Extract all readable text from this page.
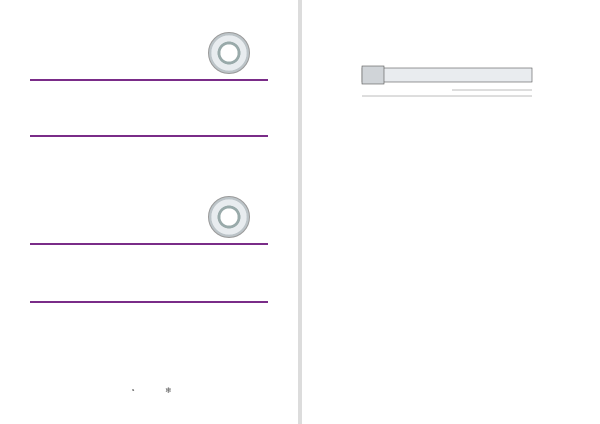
◔	❄
